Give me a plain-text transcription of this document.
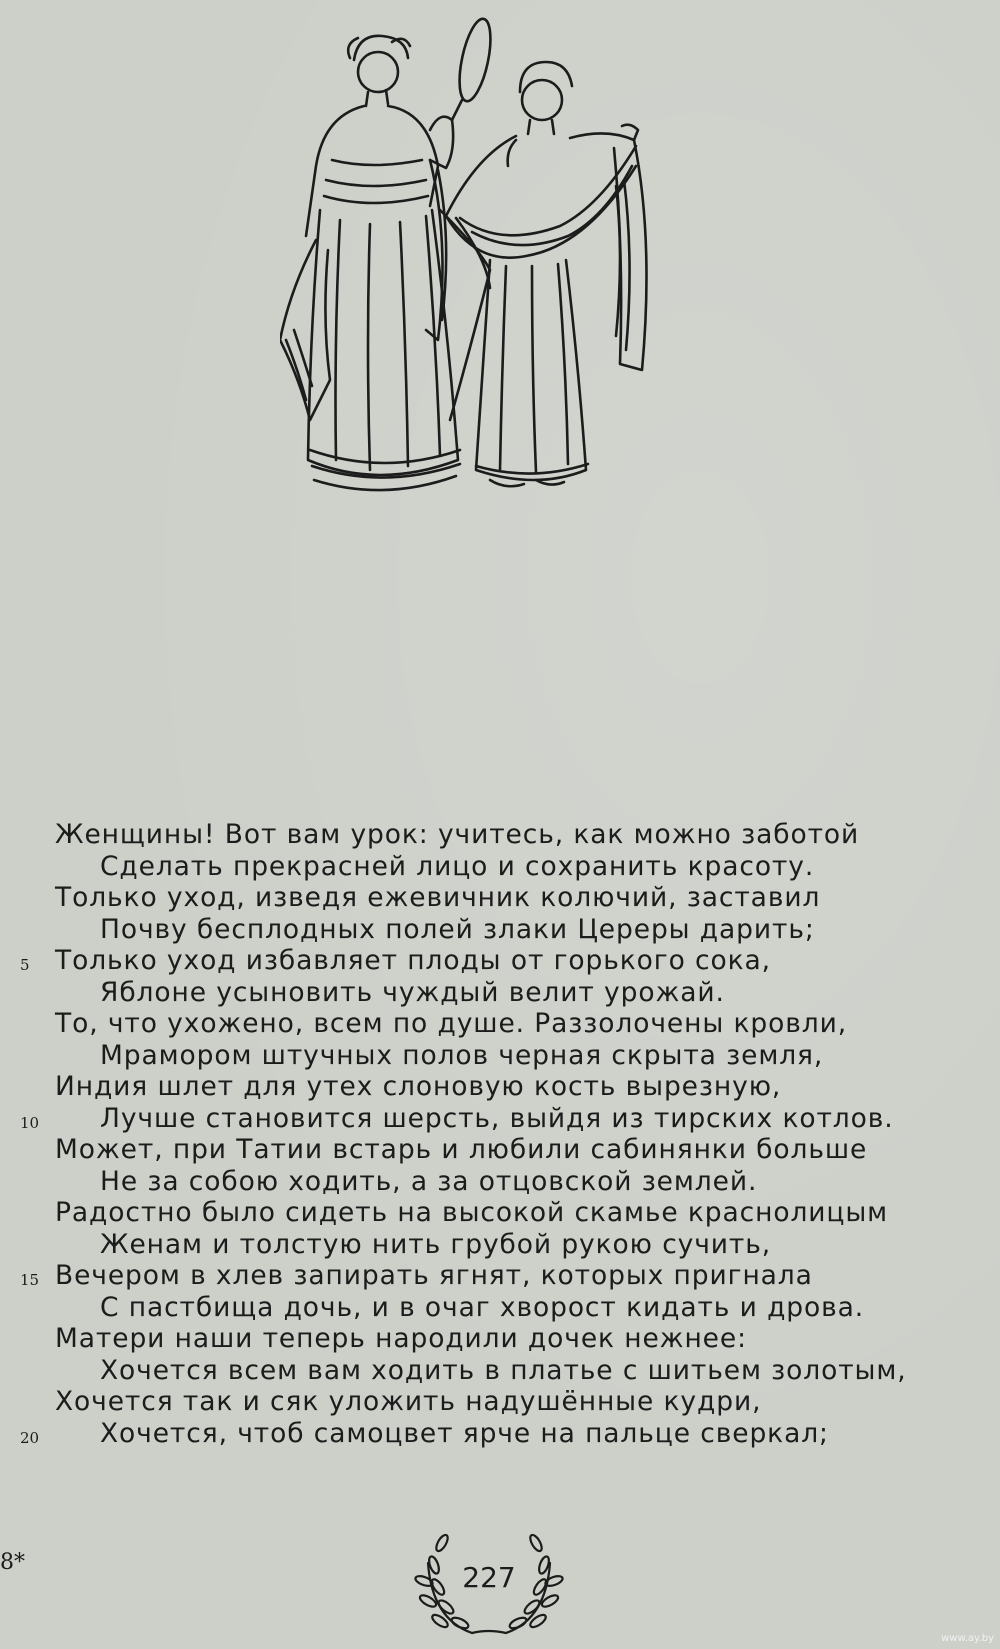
Женщины! Вот вам урок: учитесь, как можно заботой
Сделать прекрасней лицо и сохранить красоту.
Только уход, изведя ежевичник колючий, заставил
Почву бесплодных полей злаки Цереры дарить;
5 Только уход избавляет плоды от горького сока,
Яблоне усыновить чуждый велит урожай.
То, что ухожено, всем по душе. Раззолочены кровли,
Мрамором штучных полов черная скрыта земля,
Индия шлет для утех слоновую кость вырезную,
10 Лучше становится шерсть, выйдя из тирских котлов.
Может, при Татии встарь и любили сабинянки больше
Не за собою ходить, а за отцовской землей.
Радостно было сидеть на высокой скамье краснолицым
Женам и толстую нить грубой рукою сучить,
15 Вечером в хлев запирать ягнят, которых пригнала
С пастбища дочь, и в очаг хворост кидать и дрова.
Матери наши теперь народили дочек нежнее:
Хочется всем вам ходить в платье с шитьем золотым,
Хочется так и сяк уложить надушённые кудри,
20 Хочется, чтоб самоцвет ярче на пальце сверкал;
8*	227
www.ay.by
